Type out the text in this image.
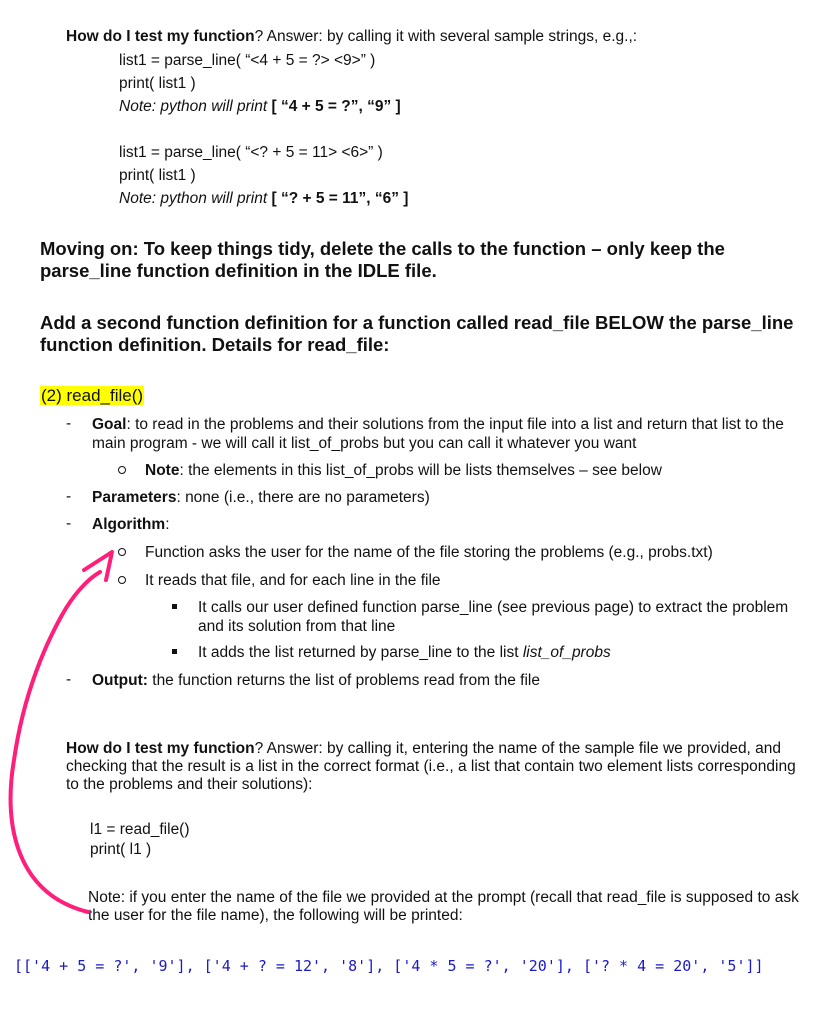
How do I test my function? Answer: by calling it with several sample strings, e.g.,:
list1 = parse_line( “<4 + 5 = ?> <9>” )
print( list1 )
Note: python will print [ “4 + 5 = ?”, “9” ]
list1 = parse_line( “<? + 5 = 11> <6>” )
print( list1 )
Note: python will print [ “? + 5 = 11”, “6” ]
Moving on: To keep things tidy, delete the calls to the function – only keep the
parse_line function definition in the IDLE file.
Add a second function definition for a function called read_file BELOW the parse_line
function definition. Details for read_file:
(2) read_file()
- Goal: to read in the problems and their solutions from the input file into a list and return that list to the
main program - we will call it list_of_probs but you can call it whatever you want
Note: the elements in this list_of_probs will be lists themselves – see below
- Parameters: none (i.e., there are no parameters)
- Algorithm:
Function asks the user for the name of the file storing the problems (e.g., probs.txt)
It reads that file, and for each line in the file
It calls our user defined function parse_line (see previous page) to extract the problem
and its solution from that line
It adds the list returned by parse_line to the list list_of_probs
- Output: the function returns the list of problems read from the file
How do I test my function? Answer: by calling it, entering the name of the sample file we provided, and
checking that the result is a list in the correct format (i.e., a list that contain two element lists corresponding
to the problems and their solutions):
l1 = read_file()
print( l1 )
Note: if you enter the name of the file we provided at the prompt (recall that read_file is supposed to ask
the user for the file name), the following will be printed:
[['4 + 5 = ?', '9'], ['4 + ? = 12', '8'], ['4 * 5 = ?', '20'], ['? * 4 = 20', '5']]
